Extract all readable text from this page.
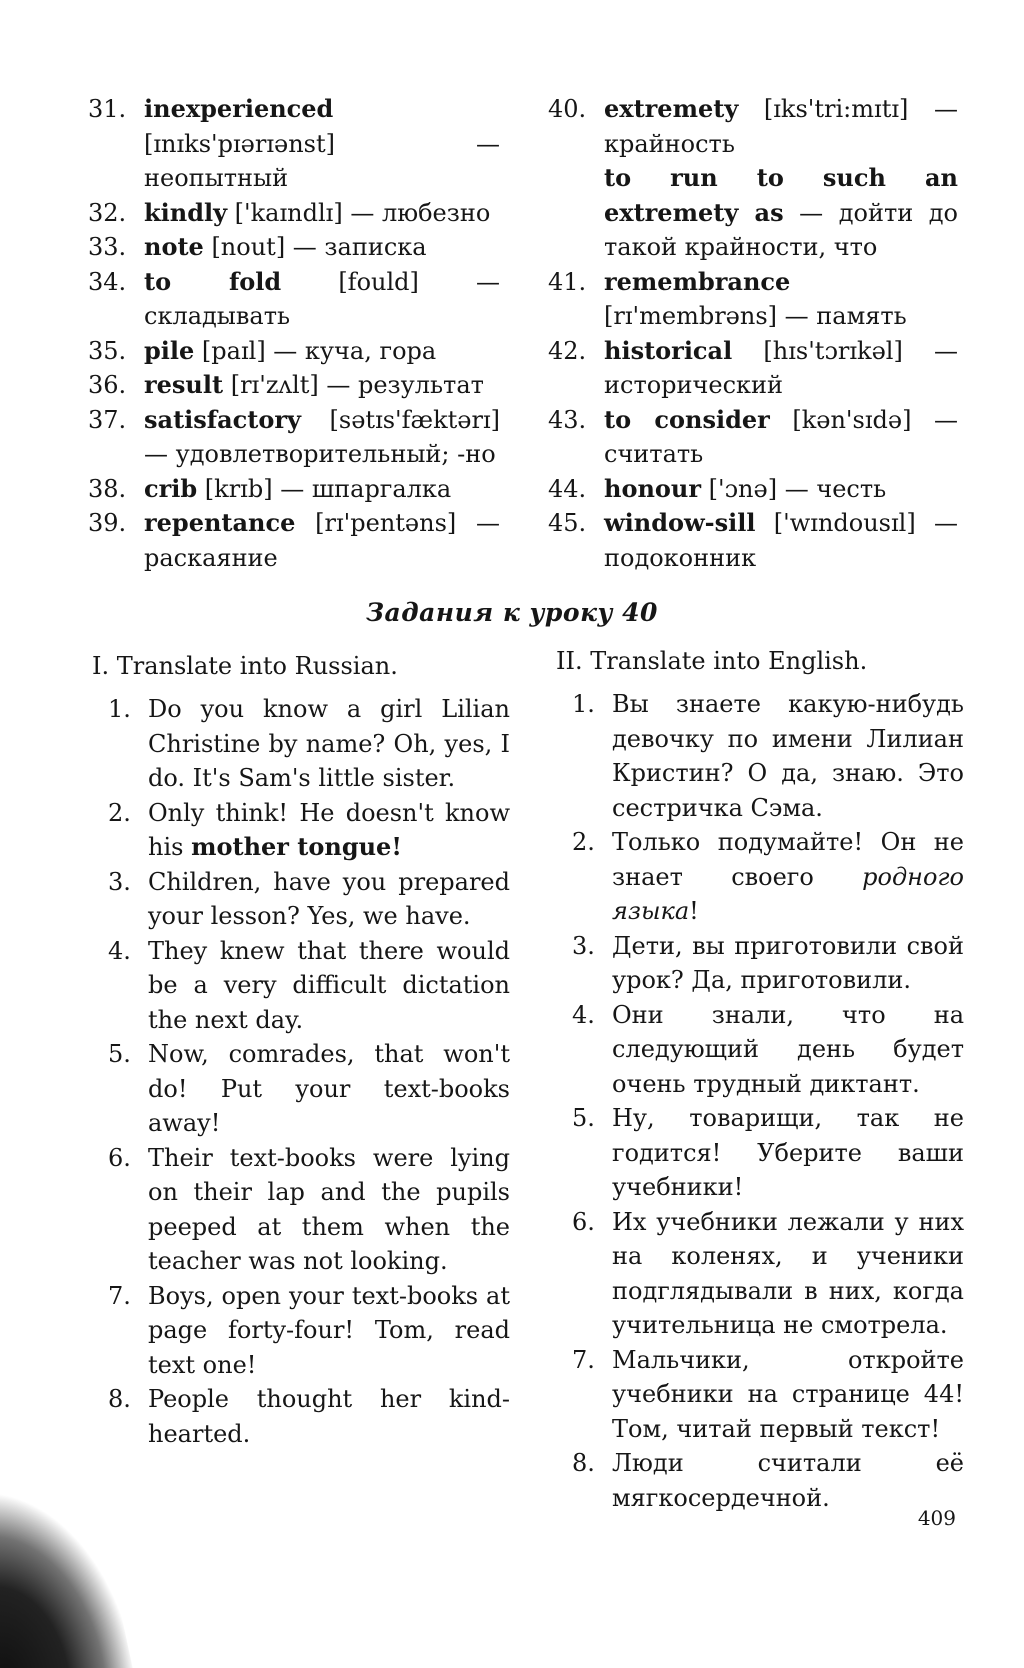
31. inexperienced [ɪnɪks'pɪərɪənst] — неопытный
32. kindly ['kaɪndlɪ] — любезно
33. note [nout] — записка
34. to fold [fould] — складывать
35. pile [paɪl] — куча, гора
36. result [rɪ'zʌlt] — результат
37. satisfactory [sətɪs'fæktərɪ] — удовлетворительный; -но
38. crib [krɪb] — шпаргалка
39. repentance [rɪ'pentəns] — раскаяние
40. extremety [ɪks'tri:mɪtɪ] — крайность
to run to such an extremety as — дойти до такой крайности, что
41. remembrance [rɪ'membrəns] — память
42. historical [hɪs'tɔrɪkəl] — исторический
43. to consider [kən'sɪdə] — считать
44. honour ['ɔnə] — честь
45. window-sill ['wɪndousɪl] — подоконник
Задания к уроку 40
I. Translate into Russian.
1. Do you know a girl Lilian Christine by name? Oh, yes, I do. It's Sam's little sister.
2. Only think! He doesn't know his mother tongue!
3. Children, have you prepared your lesson? Yes, we have.
4. They knew that there would be a very difficult dictation the next day.
5. Now, comrades, that won't do! Put your text-books away!
6. Their text-books were lying on their lap and the pupils peeped at them when the teacher was not looking.
7. Boys, open your text-books at page forty-four! Tom, read text one!
8. People thought her kind-hearted.
II. Translate into English.
1. Вы знаете какую-нибудь девочку по имени Лилиан Кристин? О да, знаю. Это сестричка Сэма.
2. Только подумайте! Он не знает своего родного языка!
3. Дети, вы приготовили свой урок? Да, приготовили.
4. Они знали, что на следующий день будет очень трудный диктант.
5. Ну, товарищи, так не годится! Уберите ваши учебники!
6. Их учебники лежали у них на коленях, и ученики подглядывали в них, когда учительница не смотрела.
7. Мальчики, откройте учебники на странице 44! Том, читай первый текст!
8. Люди считали её мягкосердечной.
409
